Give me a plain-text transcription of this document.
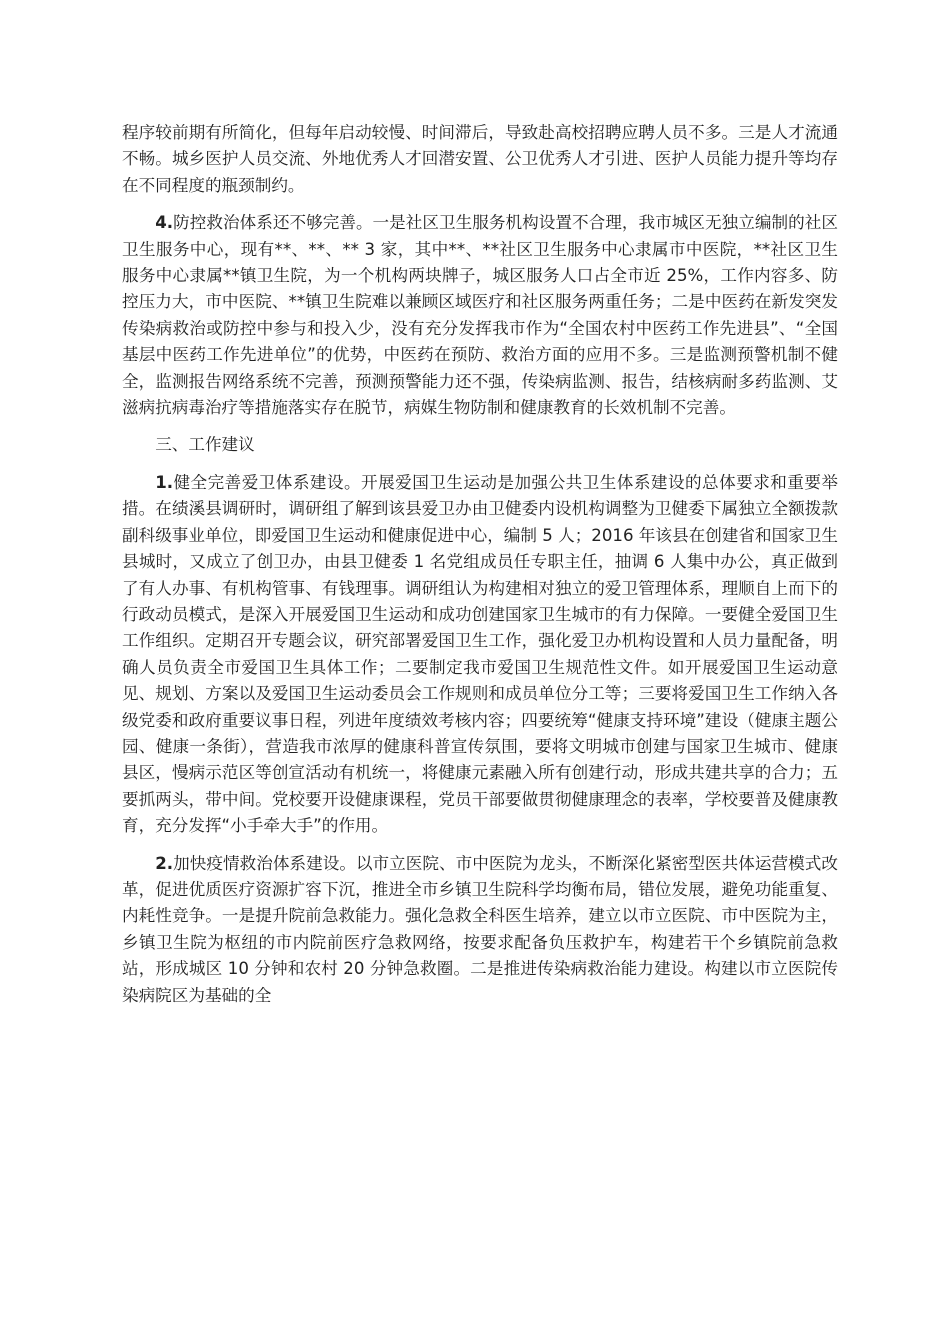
程序较前期有所简化，但每年启动较慢、时间滞后，导致赴高校招聘应聘人员不多。三是人才流通不畅。城乡医护人员交流、外地优秀人才回潜安置、公卫优秀人才引进、医护人员能力提升等均存在不同程度的瓶颈制约。

4.防控救治体系还不够完善。一是社区卫生服务机构设置不合理，我市城区无独立编制的社区卫生服务中心，现有**、**、** 3 家，其中**、**社区卫生服务中心隶属市中医院，**社区卫生服务中心隶属**镇卫生院，为一个机构两块牌子，城区服务人口占全市近 25%，工作内容多、防控压力大，市中医院、**镇卫生院难以兼顾区域医疗和社区服务两重任务；二是中医药在新发突发传染病救治或防控中参与和投入少，没有充分发挥我市作为“全国农村中医药工作先进县”、“全国基层中医药工作先进单位”的优势，中医药在预防、救治方面的应用不多。三是监测预警机制不健全，监测报告网络系统不完善，预测预警能力还不强，传染病监测、报告，结核病耐多药监测、艾滋病抗病毒治疗等措施落实存在脱节，病媒生物防制和健康教育的长效机制不完善。

三、工作建议

1.健全完善爱卫体系建设。开展爱国卫生运动是加强公共卫生体系建设的总体要求和重要举措。在绩溪县调研时，调研组了解到该县爱卫办由卫健委内设机构调整为卫健委下属独立全额拨款副科级事业单位，即爱国卫生运动和健康促进中心，编制 5 人；2016 年该县在创建省和国家卫生县城时，又成立了创卫办，由县卫健委 1 名党组成员任专职主任，抽调 6 人集中办公，真正做到了有人办事、有机构管事、有钱理事。调研组认为构建相对独立的爱卫管理体系，理顺自上而下的行政动员模式，是深入开展爱国卫生运动和成功创建国家卫生城市的有力保障。一要健全爱国卫生工作组织。定期召开专题会议，研究部署爱国卫生工作，强化爱卫办机构设置和人员力量配备，明确人员负责全市爱国卫生具体工作；二要制定我市爱国卫生规范性文件。如开展爱国卫生运动意见、规划、方案以及爱国卫生运动委员会工作规则和成员单位分工等；三要将爱国卫生工作纳入各级党委和政府重要议事日程，列进年度绩效考核内容；四要统筹“健康支持环境”建设（健康主题公园、健康一条街），营造我市浓厚的健康科普宣传氛围，要将文明城市创建与国家卫生城市、健康县区，慢病示范区等创宣活动有机统一，将健康元素融入所有创建行动，形成共建共享的合力；五要抓两头，带中间。党校要开设健康课程，党员干部要做贯彻健康理念的表率，学校要普及健康教育，充分发挥“小手牵大手”的作用。

2.加快疫情救治体系建设。以市立医院、市中医院为龙头，不断深化紧密型医共体运营模式改革，促进优质医疗资源扩容下沉，推进全市乡镇卫生院科学均衡布局，错位发展，避免功能重复、内耗性竞争。一是提升院前急救能力。强化急救全科医生培养，建立以市立医院、市中医院为主，乡镇卫生院为枢纽的市内院前医疗急救网络，按要求配备负压救护车，构建若干个乡镇院前急救站，形成城区 10 分钟和农村 20 分钟急救圈。二是推进传染病救治能力建设。构建以市立医院传染病院区为基础的全
